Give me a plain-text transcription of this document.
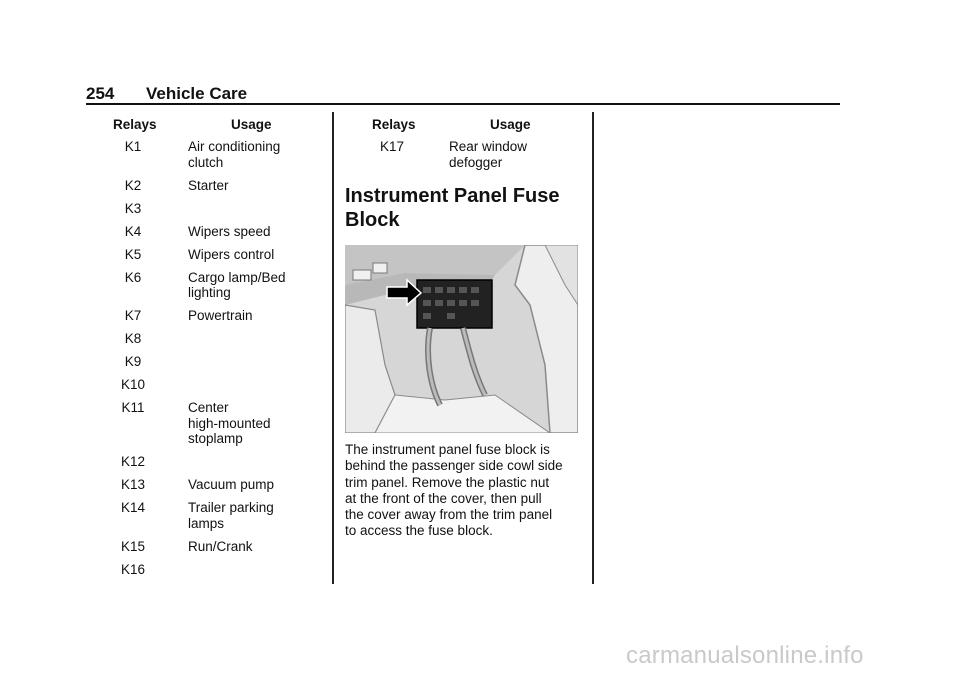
254 Vehicle Care
Relays	Usage
K1	Air conditioning
clutch
K2	Starter
K3
K4	Wipers speed
K5	Wipers control
K6	Cargo lamp/Bed
lighting
K7	Powertrain
K8
K9
K10
K11	Center
high-mounted
stoplamp
K12
K13	Vacuum pump
K14	Trailer parking
lamps
K15	Run/Crank
K16
Relays	Usage
K17	Rear window
defogger
Instrument Panel Fuse
Block
The instrument panel fuse block is
behind the passenger side cowl side
trim panel. Remove the plastic nut
at the front of the cover, then pull
the cover away from the trim panel
to access the fuse block.
carmanualsonline.info
